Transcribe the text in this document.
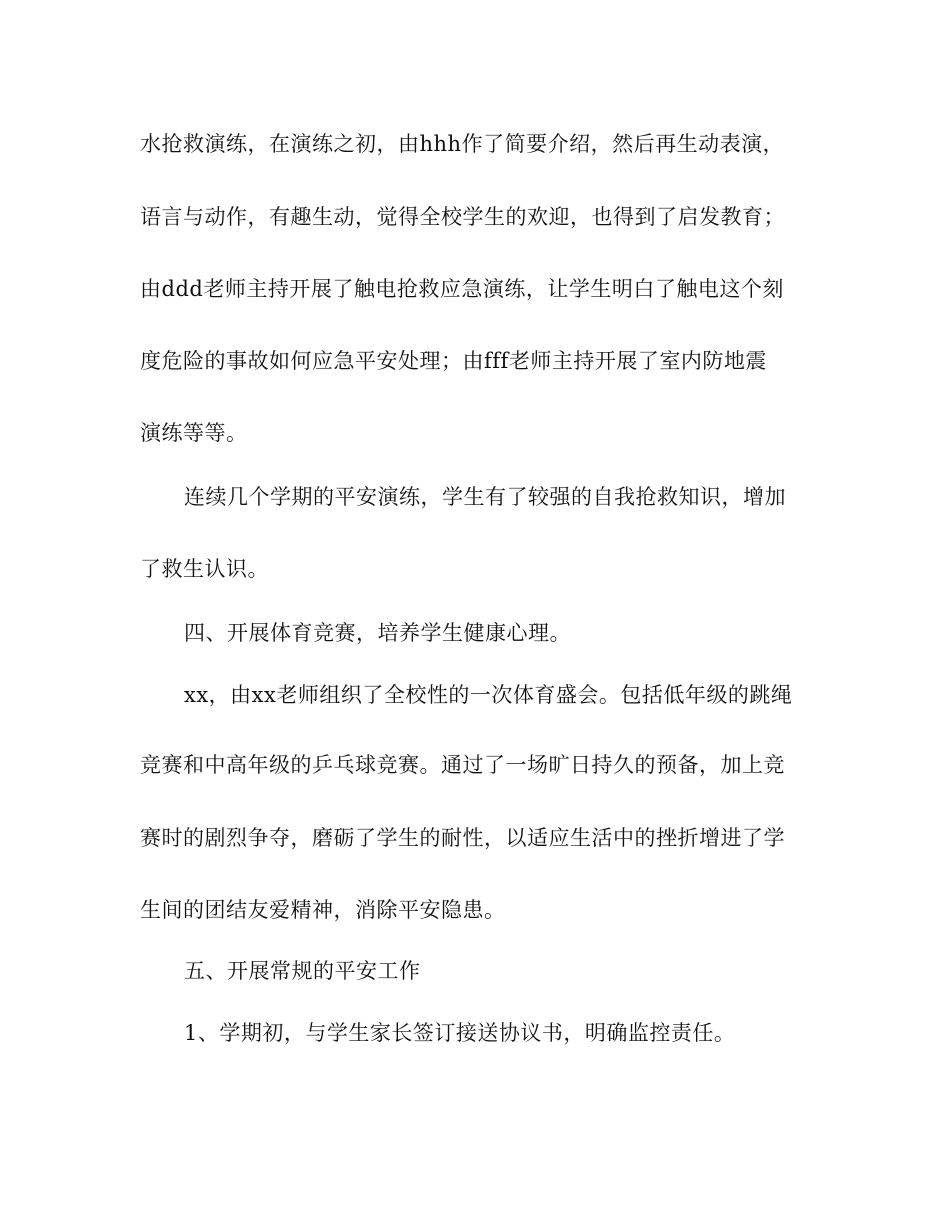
水抢救演练，在演练之初，由hhh作了简要介绍，然后再生动表演，
语言与动作，有趣生动，觉得全校学生的欢迎，也得到了启发教育；
由ddd老师主持开展了触电抢救应急演练，让学生明白了触电这个刻
度危险的事故如何应急平安处理；由fff老师主持开展了室内防地震
演练等等。
连续几个学期的平安演练，学生有了较强的自我抢救知识，增加
了救生认识。
四、开展体育竞赛，培养学生健康心理。
xx，由xx老师组织了全校性的一次体育盛会。包括低年级的跳绳
竞赛和中高年级的乒乓球竞赛。通过了一场旷日持久的预备，加上竞
赛时的剧烈争夺，磨砺了学生的耐性，以适应生活中的挫折增进了学
生间的团结友爱精神，消除平安隐患。
五、开展常规的平安工作
1、学期初，与学生家长签订接送协议书，明确监控责任。
